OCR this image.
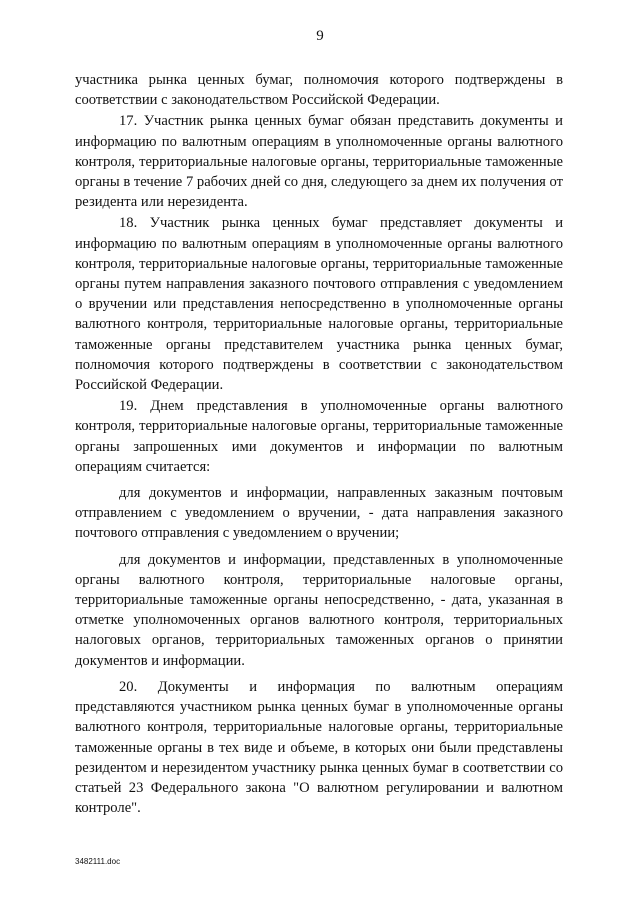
9

участника рынка ценных бумаг, полномочия которого подтверждены в соответствии с законодательством Российской Федерации.

17. Участник рынка ценных бумаг обязан представить документы и информацию по валютным операциям в уполномоченные органы валютного контроля, территориальные налоговые органы, территориальные таможенные органы в течение 7 рабочих дней со дня, следующего за днем их получения от резидента или нерезидента.

18. Участник рынка ценных бумаг представляет документы и информацию по валютным операциям в уполномоченные органы валютного контроля, территориальные налоговые органы, территориальные таможенные органы путем направления заказного почтового отправления с уведомлением о вручении или представления непосредственно в уполномоченные органы валютного контроля, территориальные налоговые органы, территориальные таможенные органы представителем участника рынка ценных бумаг, полномочия которого подтверждены в соответствии с законодательством Российской Федерации.

19. Днем представления в уполномоченные органы валютного контроля, территориальные налоговые органы, территориальные таможенные органы запрошенных ими документов и информации по валютным операциям считается:

для документов и информации, направленных заказным почтовым отправлением с уведомлением о вручении, - дата направления заказного почтового отправления с уведомлением о вручении;

для документов и информации, представленных в уполномоченные органы валютного контроля, территориальные налоговые органы, территориальные таможенные органы непосредственно, - дата, указанная в отметке уполномоченных органов валютного контроля, территориальных налоговых органов, территориальных таможенных органов о принятии документов и информации.

20. Документы и информация по валютным операциям представляются участником рынка ценных бумаг в уполномоченные органы валютного контроля, территориальные налоговые органы, территориальные таможенные органы в тех виде и объеме, в которых они были представлены резидентом и нерезидентом участнику рынка ценных бумаг в соответствии со статьей 23 Федерального закона "О валютном регулировании и валютном контроле".

3482111.doc
